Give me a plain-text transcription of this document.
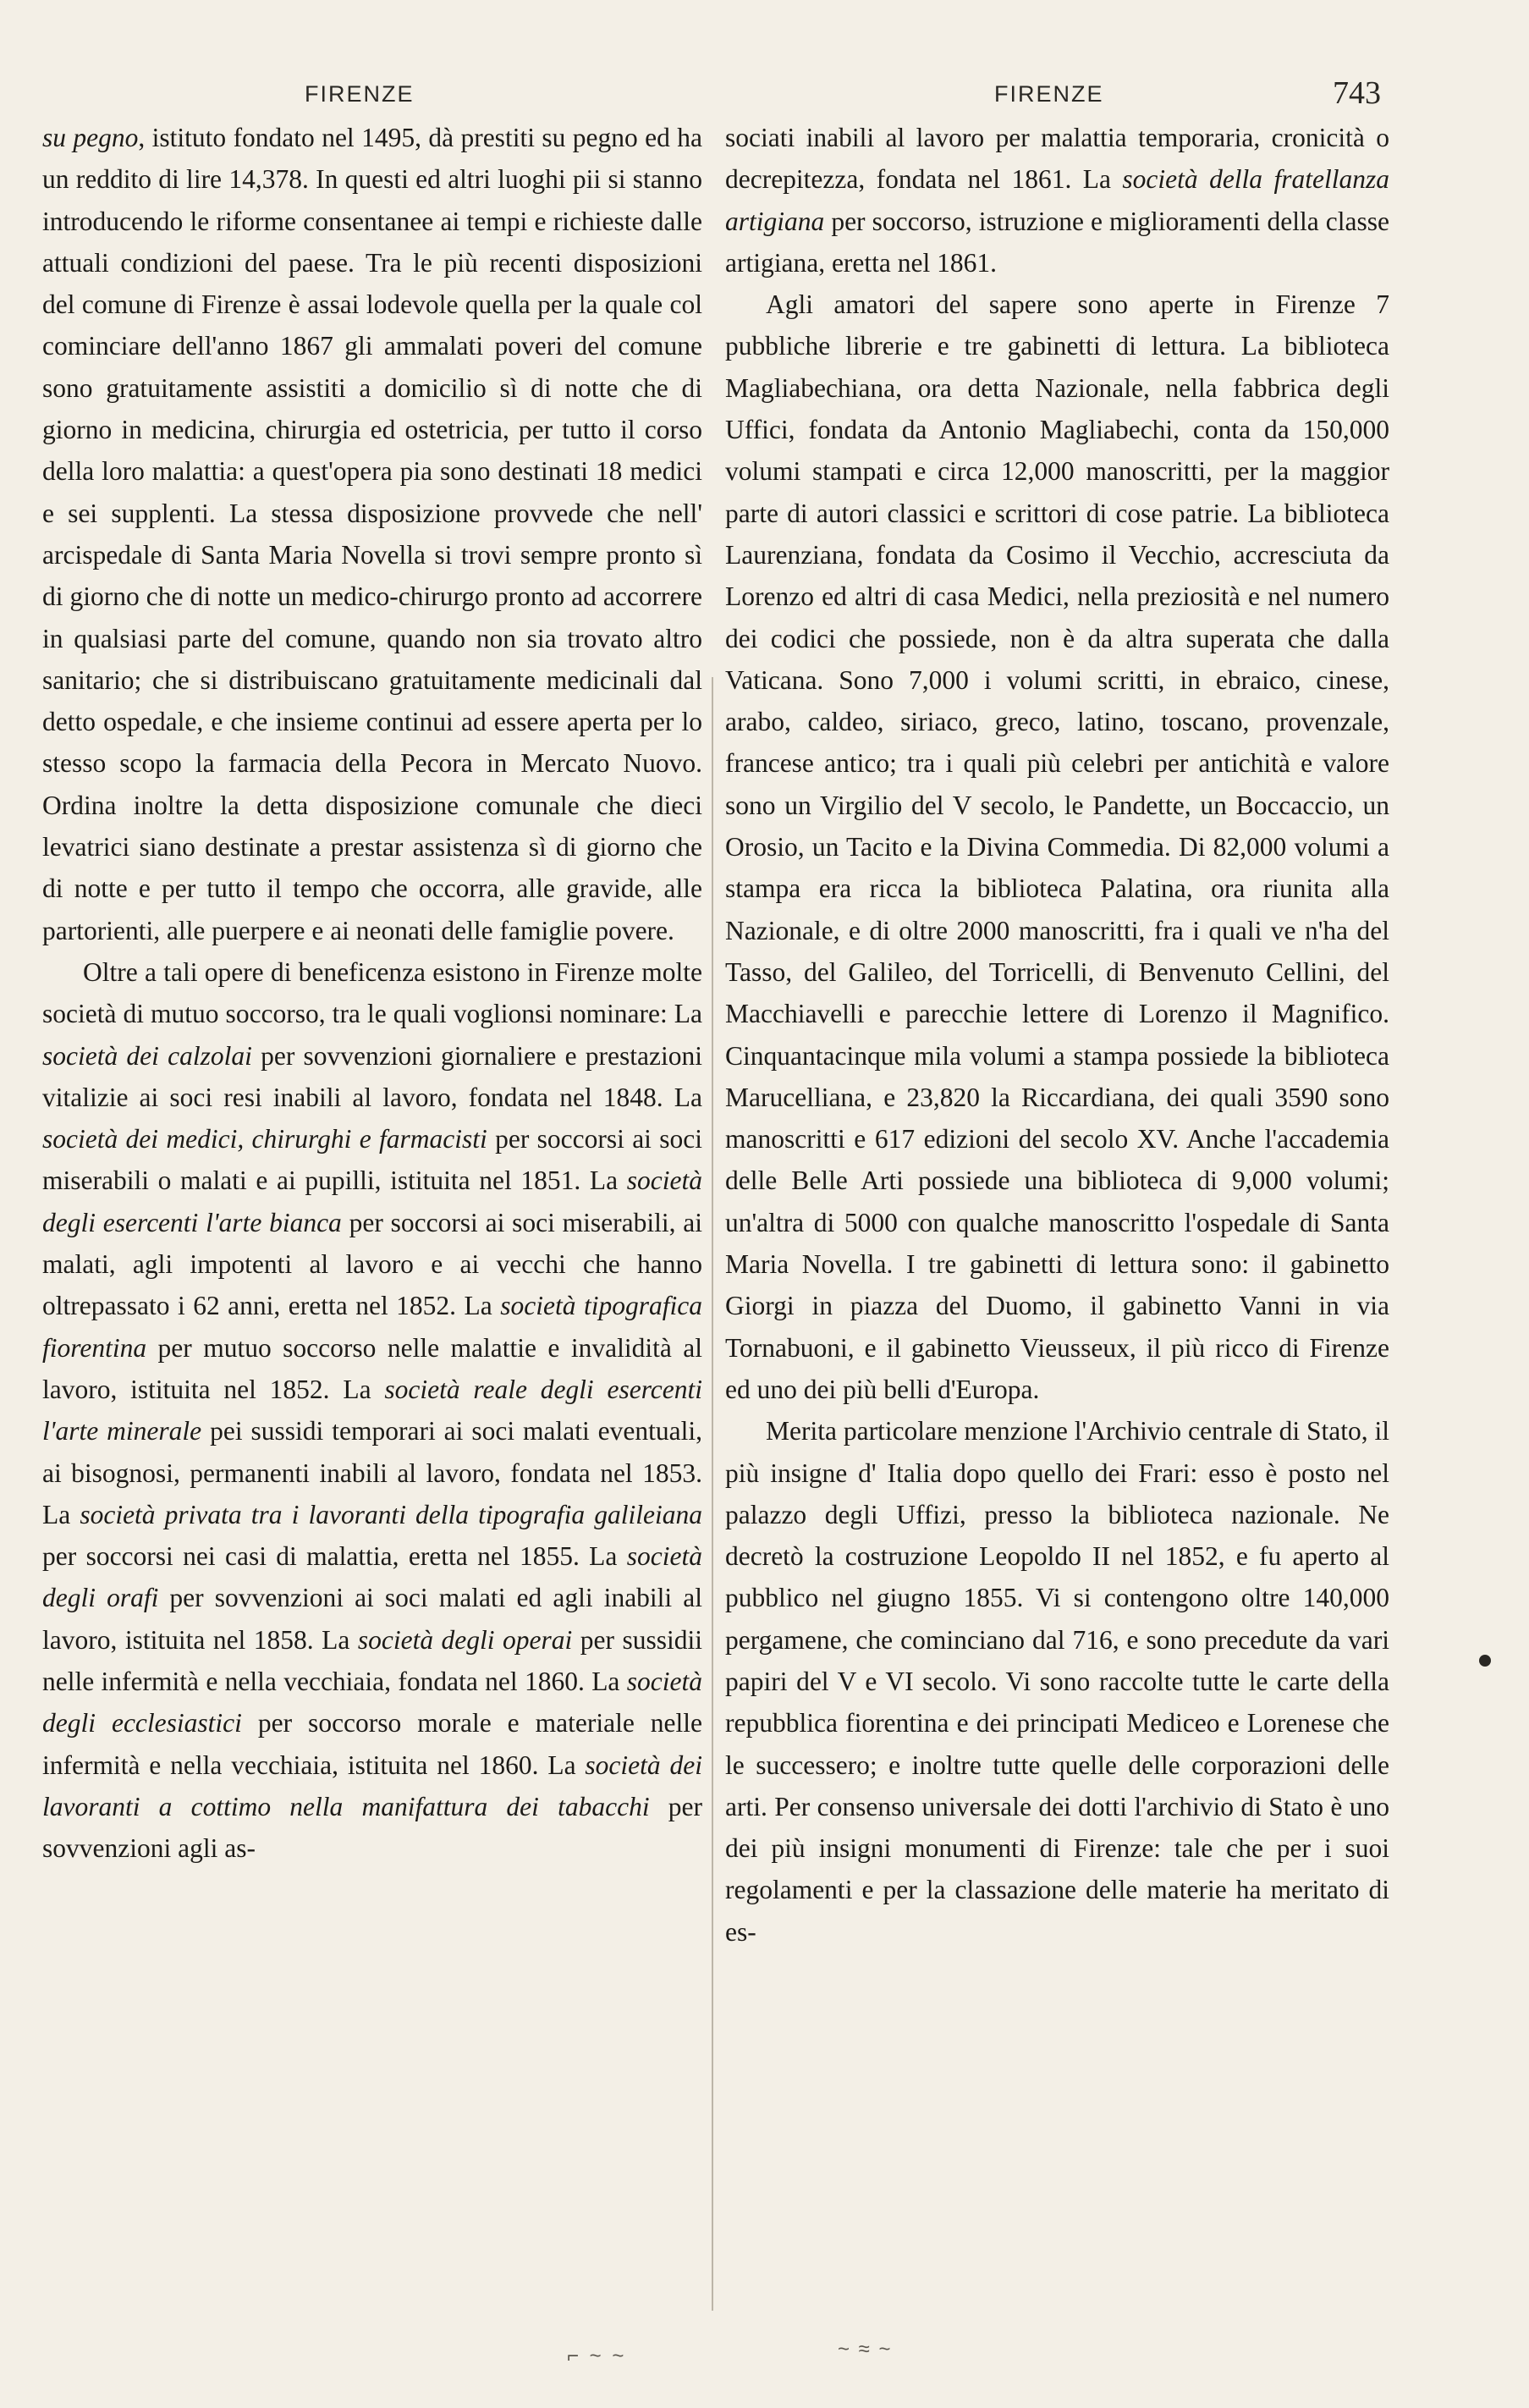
FIRENZE	FIRENZE	743

su pegno, istituto fondato nel 1495, dà prestiti su pegno ed ha un reddito di lire 14,378. In questi ed altri luoghi pii si stanno introducendo le riforme consentanee ai tempi e richieste dalle attuali condizioni del paese. Tra le più recenti disposizioni del comune di Firenze è assai lodevole quella per la quale col cominciare dell'anno 1867 gli ammalati poveri del comune sono gratuitamente assistiti a domicilio sì di notte che di giorno in medicina, chirurgia ed ostetricia, per tutto il corso della loro malattia: a quest'opera pia sono destinati 18 medici e sei supplenti. La stessa disposizione provvede che nell' arcispedale di Santa Maria Novella si trovi sempre pronto sì di giorno che di notte un medico-chirurgo pronto ad accorrere in qualsiasi parte del comune, quando non sia trovato altro sanitario; che si distribuiscano gratuitamente medicinali dal detto ospedale, e che insieme continui ad essere aperta per lo stesso scopo la farmacia della Pecora in Mercato Nuovo. Ordina inoltre la detta disposizione comunale che dieci levatrici siano destinate a prestar assistenza sì di giorno che di notte e per tutto il tempo che occorra, alle gravide, alle partorienti, alle puerpere e ai neonati delle famiglie povere.

Oltre a tali opere di beneficenza esistono in Firenze molte società di mutuo soccorso, tra le quali voglionsi nominare: La società dei calzolai per sovvenzioni giornaliere e prestazioni vitalizie ai soci resi inabili al lavoro, fondata nel 1848. La società dei medici, chirurghi e farmacisti per soccorsi ai soci miserabili o malati e ai pupilli, istituita nel 1851. La società degli esercenti l'arte bianca per soccorsi ai soci miserabili, ai malati, agli impotenti al lavoro e ai vecchi che hanno oltrepassato i 62 anni, eretta nel 1852. La società tipografica fiorentina per mutuo soccorso nelle malattie e invalidità al lavoro, istituita nel 1852. La società reale degli esercenti l'arte minerale pei sussidi temporari ai soci malati eventuali, ai bisognosi, permanenti inabili al lavoro, fondata nel 1853. La società privata tra i lavoranti della tipografia galileiana per soccorsi nei casi di malattia, eretta nel 1855. La società degli orafi per sovvenzioni ai soci malati ed agli inabili al lavoro, istituita nel 1858. La società degli operai per sussidii nelle infermità e nella vecchiaia, fondata nel 1860. La società degli ecclesiastici per soccorso morale e materiale nelle infermità e nella vecchiaia, istituita nel 1860. La società dei lavoranti a cottimo nella manifattura dei tabacchi per sovvenzioni agli as-

sociati inabili al lavoro per malattia temporaria, cronicità o decrepitezza, fondata nel 1861. La società della fratellanza artigiana per soccorso, istruzione e miglioramenti della classe artigiana, eretta nel 1861.

Agli amatori del sapere sono aperte in Firenze 7 pubbliche librerie e tre gabinetti di lettura. La biblioteca Magliabechiana, ora detta Nazionale, nella fabbrica degli Uffici, fondata da Antonio Magliabechi, conta da 150,000 volumi stampati e circa 12,000 manoscritti, per la maggior parte di autori classici e scrittori di cose patrie. La biblioteca Laurenziana, fondata da Cosimo il Vecchio, accresciuta da Lorenzo ed altri di casa Medici, nella preziosità e nel numero dei codici che possiede, non è da altra superata che dalla Vaticana. Sono 7,000 i volumi scritti, in ebraico, cinese, arabo, caldeo, siriaco, greco, latino, toscano, provenzale, francese antico; tra i quali più celebri per antichità e valore sono un Virgilio del V secolo, le Pandette, un Boccaccio, un Orosio, un Tacito e la Divina Commedia. Di 82,000 volumi a stampa era ricca la biblioteca Palatina, ora riunita alla Nazionale, e di oltre 2000 manoscritti, fra i quali ve n'ha del Tasso, del Galileo, del Torricelli, di Benvenuto Cellini, del Macchiavelli e parecchie lettere di Lorenzo il Magnifico. Cinquantacinque mila volumi a stampa possiede la biblioteca Marucelliana, e 23,820 la Riccardiana, dei quali 3590 sono manoscritti e 617 edizioni del secolo XV. Anche l'accademia delle Belle Arti possiede una biblioteca di 9,000 volumi; un'altra di 5000 con qualche manoscritto l'ospedale di Santa Maria Novella. I tre gabinetti di lettura sono: il gabinetto Giorgi in piazza del Duomo, il gabinetto Vanni in via Tornabuoni, e il gabinetto Vieusseux, il più ricco di Firenze ed uno dei più belli d'Europa.

Merita particolare menzione l'Archivio centrale di Stato, il più insigne d' Italia dopo quello dei Frari: esso è posto nel palazzo degli Uffizi, presso la biblioteca nazionale. Ne decretò la costruzione Leopoldo II nel 1852, e fu aperto al pubblico nel giugno 1855. Vi si contengono oltre 140,000 pergamene, che cominciano dal 716, e sono precedute da vari papiri del V e VI secolo. Vi sono raccolte tutte le carte della repubblica fiorentina e dei principati Mediceo e Lorenese che le successero; e inoltre tutte quelle delle corporazioni delle arti. Per consenso universale dei dotti l'archivio di Stato è uno dei più insigni monumenti di Firenze: tale che per i suoi regolamenti e per la classazione delle materie ha meritato di es-

⌐ ~ ~	~ ≈ ~
